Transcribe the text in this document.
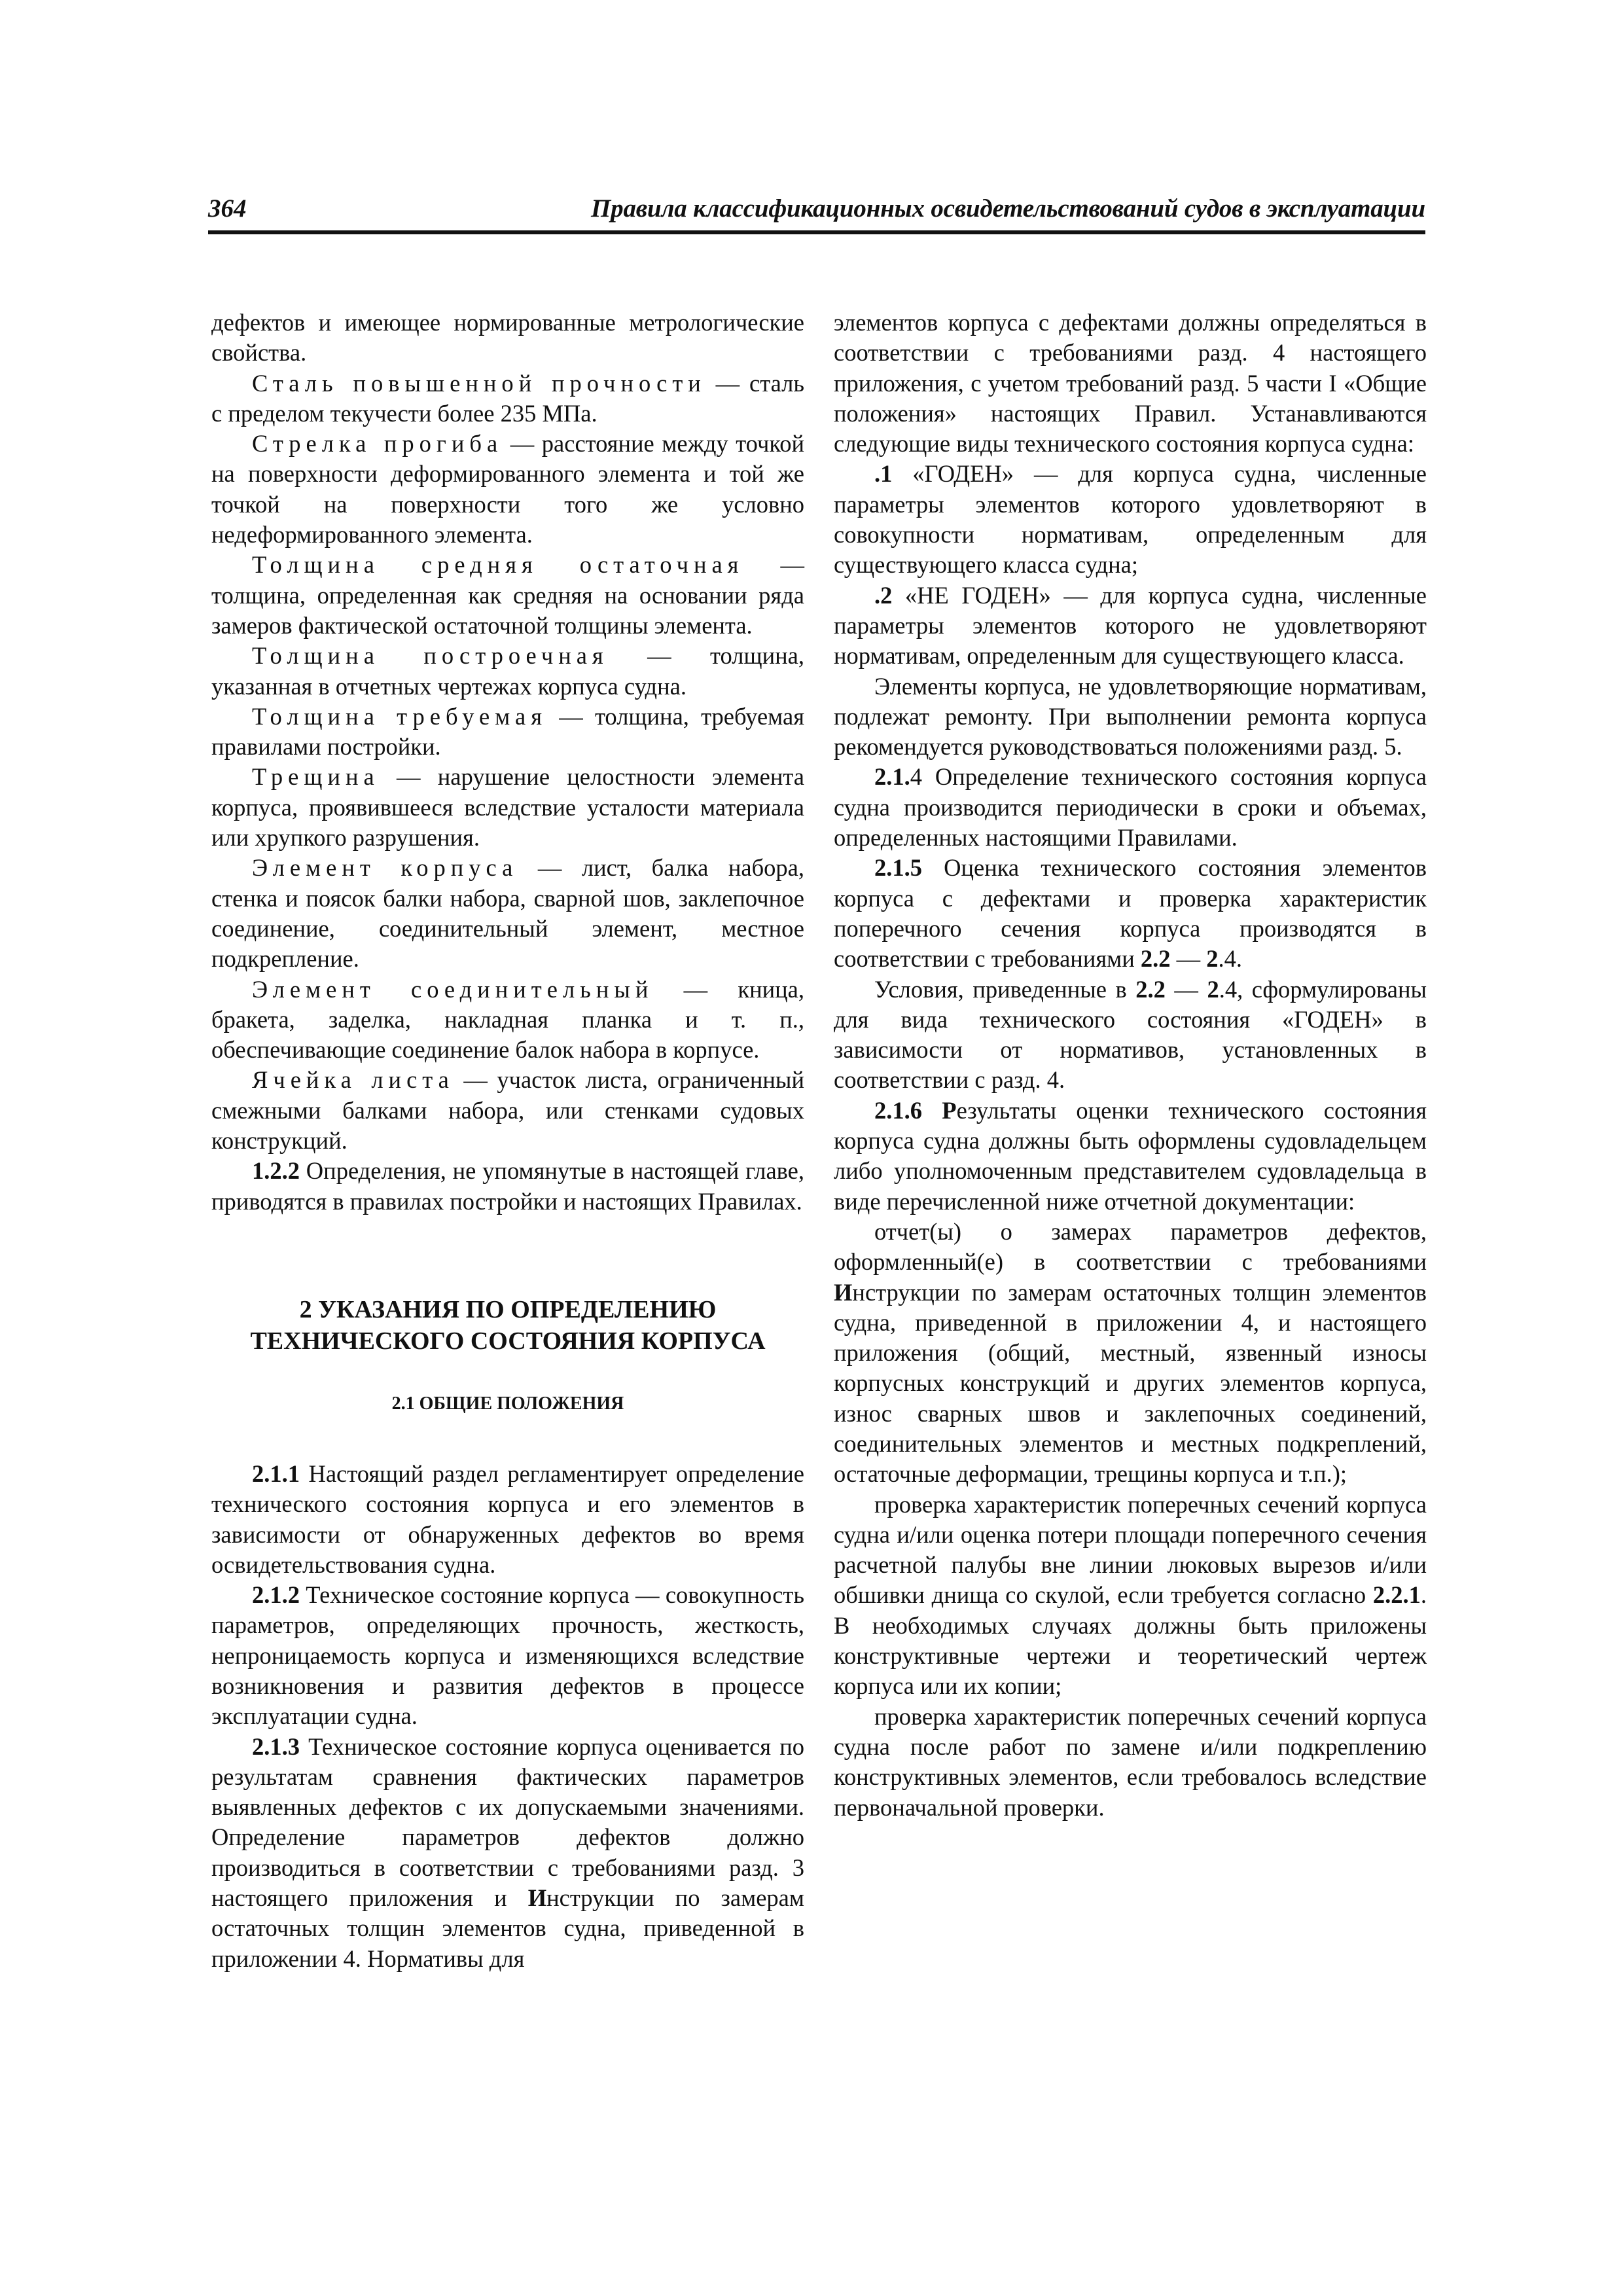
364	Правила классификационных освидетельствований судов в эксплуатации

дефектов и имеющее нормированные метрологические свойства.

Сталь повышенной прочности — сталь с пределом текучести более 235 МПа.

Стрелка прогиба — расстояние между точкой на поверхности деформированного элемента и той же точкой на поверхности того же условно недеформированного элемента.

Толщина средняя остаточная — толщина, определенная как средняя на основании ряда замеров фактической остаточной толщины элемента.

Толщина построечная — толщина, указанная в отчетных чертежах корпуса судна.

Толщина требуемая — толщина, требуемая правилами постройки.

Трещина — нарушение целостности элемента корпуса, проявившееся вследствие усталости материала или хрупкого разрушения.

Элемент корпуса — лист, балка набора, стенка и поясок балки набора, сварной шов, заклепочное соединение, соединительный элемент, местное подкрепление.

Элемент соединительный — кница, бракета, заделка, накладная планка и т. п., обеспечивающие соединение балок набора в корпусе.

Ячейка листа — участок листа, ограниченный смежными балками набора, или стенками судовых конструкций.

1.2.2 Определения, не упомянутые в настоящей главе, приводятся в правилах постройки и настоящих Правилах.

2 УКАЗАНИЯ ПО ОПРЕДЕЛЕНИЮ
ТЕХНИЧЕСКОГО СОСТОЯНИЯ КОРПУСА

2.1 ОБЩИЕ ПОЛОЖЕНИЯ

2.1.1 Настоящий раздел регламентирует определение технического состояния корпуса и его элементов в зависимости от обнаруженных дефектов во время освидетельствования судна.

2.1.2 Техническое состояние корпуса — совокупность параметров, определяющих прочность, жесткость, непроницаемость корпуса и изменяющихся вследствие возникновения и развития дефектов в процессе эксплуатации судна.

2.1.3 Техническое состояние корпуса оценивается по результатам сравнения фактических параметров выявленных дефектов с их допускаемыми значениями. Определение параметров дефектов должно производиться в соответствии с требованиями разд. 3 настоящего приложения и Инструкции по замерам остаточных толщин элементов судна, приведенной в приложении 4. Нормативы для

элементов корпуса с дефектами должны определяться в соответствии с требованиями разд. 4 настоящего приложения, с учетом требований разд. 5 части I «Общие положения» настоящих Правил. Устанавливаются следующие виды технического состояния корпуса судна:

.1 «ГОДЕН» — для корпуса судна, численные параметры элементов которого удовлетворяют в совокупности нормативам, определенным для существующего класса судна;

.2 «НЕ ГОДЕН» — для корпуса судна, численные параметры элементов которого не удовлетворяют нормативам, определенным для существующего класса.

Элементы корпуса, не удовлетворяющие нормативам, подлежат ремонту. При выполнении ремонта корпуса рекомендуется руководствоваться положениями разд. 5.

2.1.4 Определение технического состояния корпуса судна производится периодически в сроки и объемах, определенных настоящими Правилами.

2.1.5 Оценка технического состояния элементов корпуса с дефектами и проверка характеристик поперечного сечения корпуса производятся в соответствии с требованиями 2.2 — 2.4.

Условия, приведенные в 2.2 — 2.4, сформулированы для вида технического состояния «ГОДЕН» в зависимости от нормативов, установленных в соответствии с разд. 4.

2.1.6 Результаты оценки технического состояния корпуса судна должны быть оформлены судовладельцем либо уполномоченным представителем судовладельца в виде перечисленной ниже отчетной документации:

отчет(ы) о замерах параметров дефектов, оформленный(е) в соответствии с требованиями Инструкции по замерам остаточных толщин элементов судна, приведенной в приложении 4, и настоящего приложения (общий, местный, язвенный износы корпусных конструкций и других элементов корпуса, износ сварных швов и заклепочных соединений, соединительных элементов и местных подкреплений, остаточные деформации, трещины корпуса и т.п.);

проверка характеристик поперечных сечений корпуса судна и/или оценка потери площади поперечного сечения расчетной палубы вне линии люковых вырезов и/или обшивки днища со скулой, если требуется согласно 2.2.1. В необходимых случаях должны быть приложены конструктивные чертежи и теоретический чертеж корпуса или их копии;

проверка характеристик поперечных сечений корпуса судна после работ по замене и/или подкреплению конструктивных элементов, если требовалось вследствие первоначальной проверки.
